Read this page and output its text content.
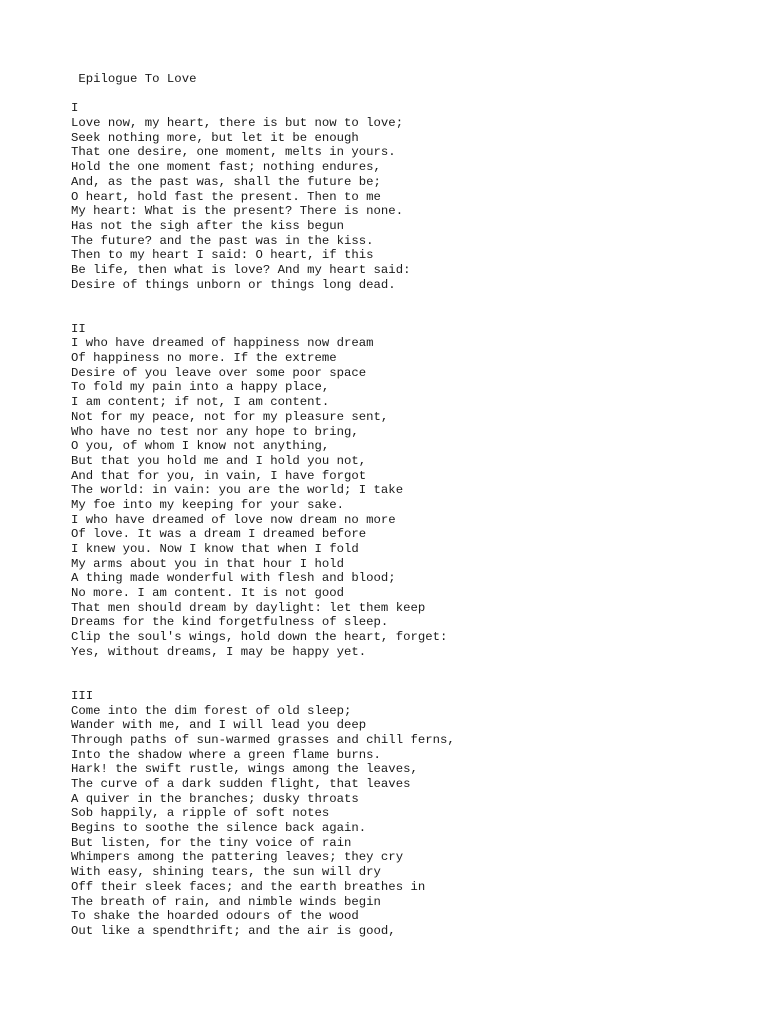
Epilogue To Love
I
Love now, my heart, there is but now to love;
Seek nothing more, but let it be enough
That one desire, one moment, melts in yours.
Hold the one moment fast; nothing endures,
And, as the past was, shall the future be;
O heart, hold fast the present. Then to me
My heart: What is the present? There is none.
Has not the sigh after the kiss begun
The future? and the past was in the kiss.
Then to my heart I said: O heart, if this
Be life, then what is love? And my heart said:
Desire of things unborn or things long dead.
II
I who have dreamed of happiness now dream
Of happiness no more. If the extreme
Desire of you leave over some poor space
To fold my pain into a happy place,
I am content; if not, I am content.
Not for my peace, not for my pleasure sent,
Who have no test nor any hope to bring,
O you, of whom I know not anything,
But that you hold me and I hold you not,
And that for you, in vain, I have forgot
The world: in vain: you are the world; I take
My foe into my keeping for your sake.
I who have dreamed of love now dream no more
Of love. It was a dream I dreamed before
I knew you. Now I know that when I fold
My arms about you in that hour I hold
A thing made wonderful with flesh and blood;
No more. I am content. It is not good
That men should dream by daylight: let them keep
Dreams for the kind forgetfulness of sleep.
Clip the soul's wings, hold down the heart, forget:
Yes, without dreams, I may be happy yet.
III
Come into the dim forest of old sleep;
Wander with me, and I will lead you deep
Through paths of sun-warmed grasses and chill ferns,
Into the shadow where a green flame burns.
Hark! the swift rustle, wings among the leaves,
The curve of a dark sudden flight, that leaves
A quiver in the branches; dusky throats
Sob happily, a ripple of soft notes
Begins to soothe the silence back again.
But listen, for the tiny voice of rain
Whimpers among the pattering leaves; they cry
With easy, shining tears, the sun will dry
Off their sleek faces; and the earth breathes in
The breath of rain, and nimble winds begin
To shake the hoarded odours of the wood
Out like a spendthrift; and the air is good,
